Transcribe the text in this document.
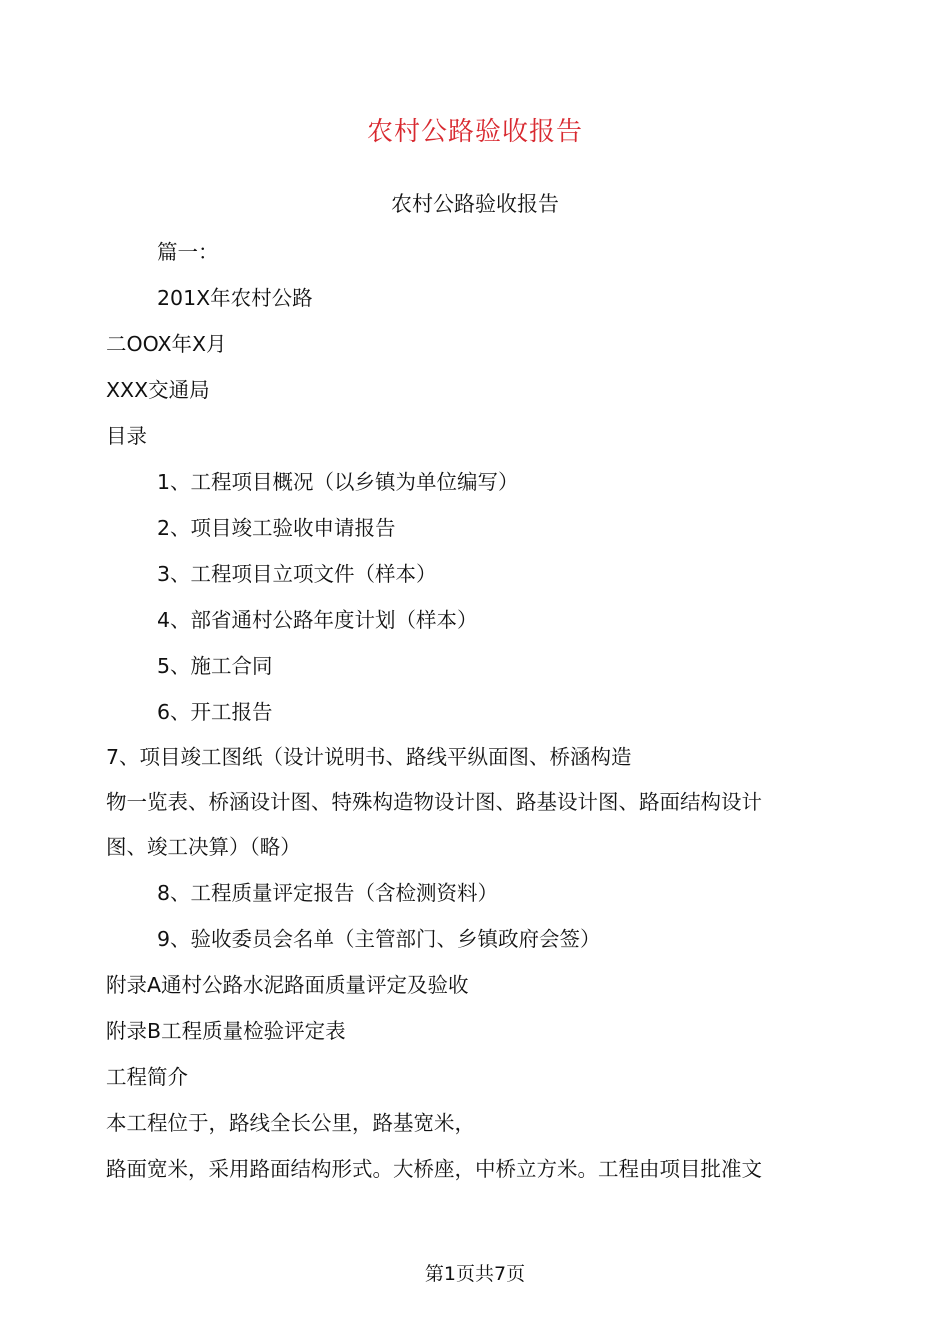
农村公路验收报告
农村公路验收报告

篇一：

201X年农村公路

二OOX年X月

XXX交通局

目录

1、工程项目概况（以乡镇为单位编写）

2、项目竣工验收申请报告

3、工程项目立项文件（样本）

4、部省通村公路年度计划（样本）

5、施工合同

6、开工报告

7、项目竣工图纸（设计说明书、路线平纵面图、桥涵构造

物一览表、桥涵设计图、特殊构造物设计图、路基设计图、路面结构设计

图、竣工决算）（略）

8、工程质量评定报告（含检测资料）

9、验收委员会名单（主管部门、乡镇政府会签）

附录A通村公路水泥路面质量评定及验收

附录B工程质量检验评定表

工程简介

本工程位于，路线全长公里，路基宽米，

路面宽米，采用路面结构形式。大桥座，中桥立方米。工程由项目批准文

第1页共7页
